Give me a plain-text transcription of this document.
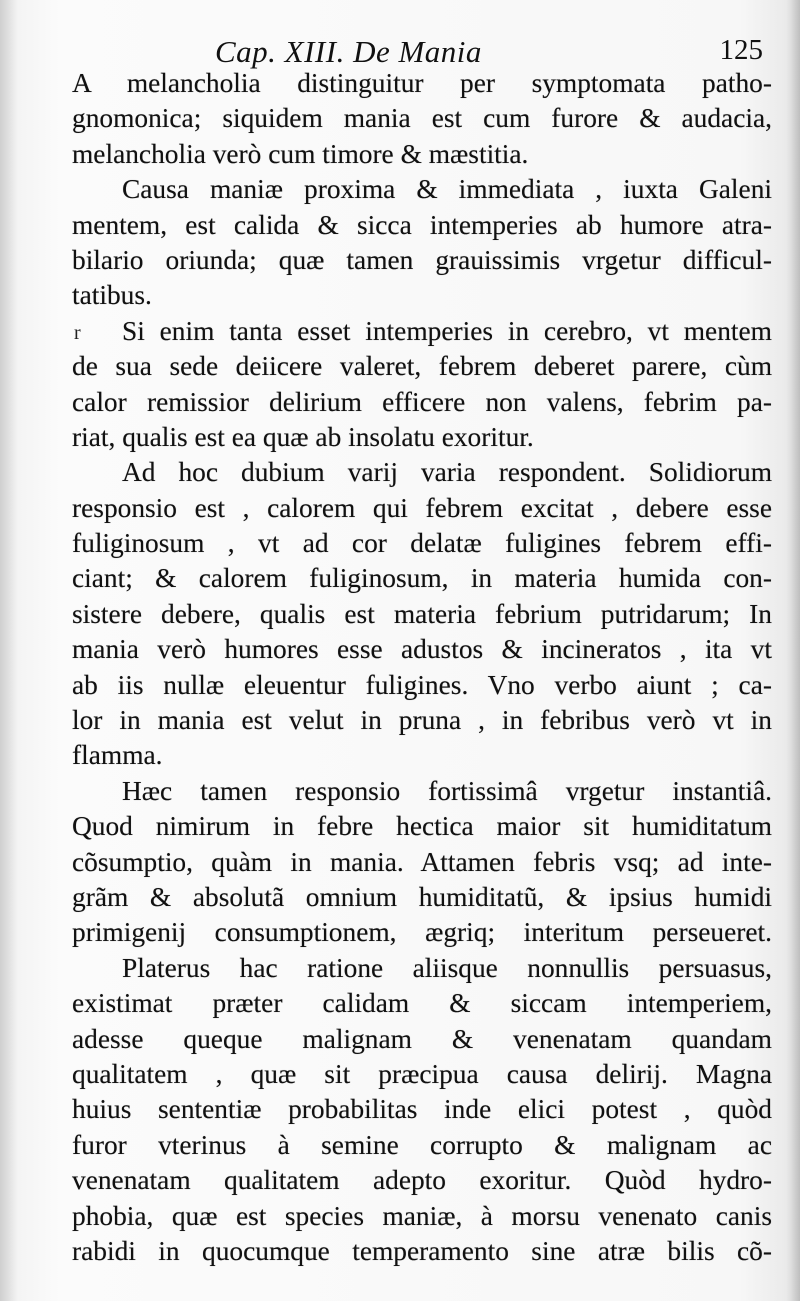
Cap. XIII. De Mania	125
r
A melancholia distinguitur per symptomata patho-
gnomonica; siquidem mania est cum furore & audacia,
melancholia verò cum timore & mæstitia.
Causa maniæ proxima & immediata , iuxta Galeni
mentem, est calida & sicca intemperies ab humore atra-
bilario oriunda; quæ tamen grauissimis vrgetur difficul-
tatibus.
Si enim tanta esset intemperies in cerebro, vt mentem
de sua sede deiicere valeret, febrem deberet parere, cùm
calor remissior delirium efficere non valens, febrim pa-
riat, qualis est ea quæ ab insolatu exoritur.
Ad hoc dubium varij varia respondent. Solidiorum
responsio est , calorem qui febrem excitat , debere esse
fuliginosum , vt ad cor delatæ fuligines febrem effi-
ciant; & calorem fuliginosum, in materia humida con-
sistere debere, qualis est materia febrium putridarum; In
mania verò humores esse adustos & incineratos , ita vt
ab iis nullæ eleuentur fuligines. Vno verbo aiunt ; ca-
lor in mania est velut in pruna , in febribus verò vt in
flamma.
Hæc tamen responsio fortissimâ vrgetur instantiâ.
Quod nimirum in febre hectica maior sit humiditatum
cõsumptio, quàm in mania. Attamen febris vsq; ad inte-
grãm & absolutã omnium humiditatũ, & ipsius humidi
primigenij consumptionem, ægriq; interitum perseueret.
Platerus hac ratione aliisque nonnullis persuasus,
existimat præter calidam & siccam intemperiem,
adesse queque malignam & venenatam quandam
qualitatem , quæ sit præcipua causa delirij. Magna
huius sententiæ probabilitas inde elici potest , quòd
furor vterinus à semine corrupto & malignam ac
venenatam qualitatem adepto exoritur. Quòd hydro-
phobia, quæ est species maniæ, à morsu venenato canis
rabidi in quocumque temperamento sine atræ bilis cõ-
